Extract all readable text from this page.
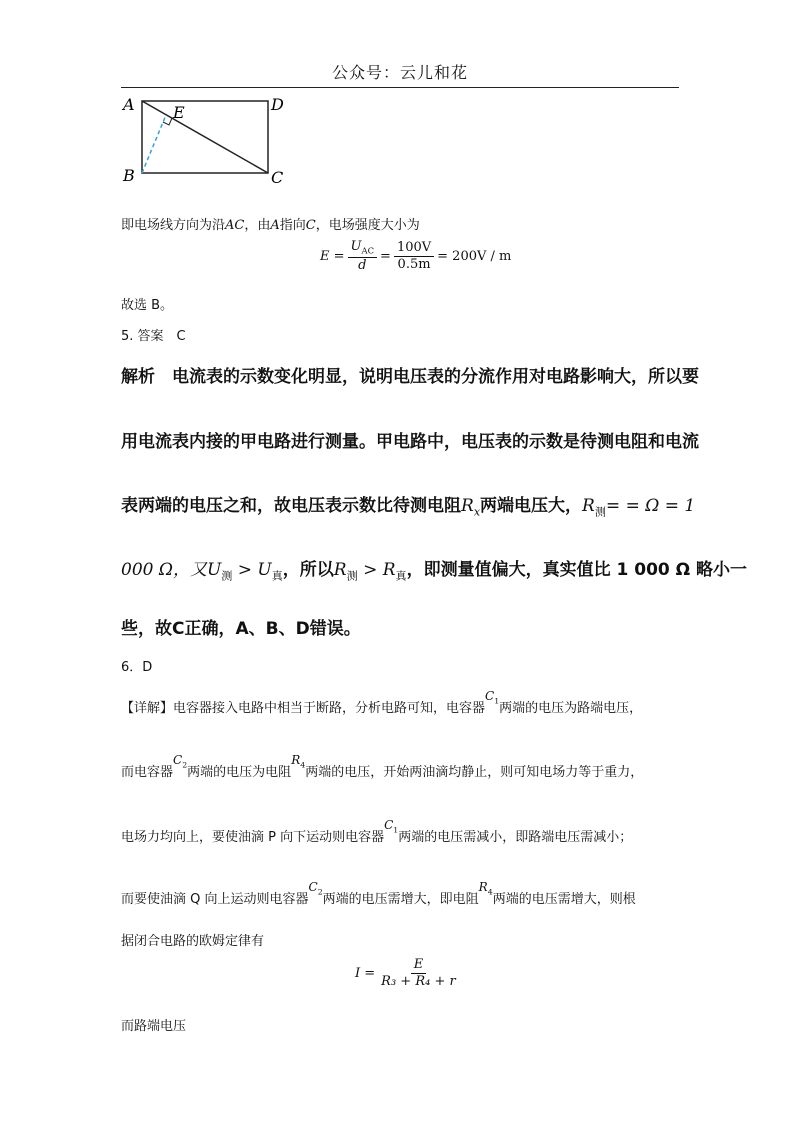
公众号：云儿和花
A E	D
B	C
即电场线方向为沿AC，由A指向C，电场强度大小为
$E = \frac{U_{AC}}{d} = \frac{100V}{0.5m} = 200V / m$
故选 B。
5. 答案　C
解析　电流表的示数变化明显，说明电压表的分流作用对电路影响大，所以要
用电流表内接的甲电路进行测量。甲电路中，电压表的示数是待测电阻和电流
表两端的电压之和，故电压表示数比待测电阻$R_x$两端电压大，$R_测= = \Omega = 1$
000 Ω，又$U_测 > U_真$，所以$R_测 > R_真$，即测量值偏大，真实值比 1 000 Ω 略小一
些，故C正确，A、B、D错误。
6．D
【详解】电容器接入电路中相当于断路，分析电路可知，电容器$C_1$两端的电压为路端电压，
而电容器$C_2$两端的电压为电阻$R_4$两端的电压，开始两油滴均静止，则可知电场力等于重力，
电场力均向上，要使油滴 P 向下运动则电容器$C_1$两端的电压需减小，即路端电压需减小；
而要使油滴 Q 向上运动则电容器$C_2$两端的电压需增大，即电阻$R_4$两端的电压需增大，则根
据闭合电路的欧姆定律有
$I = \frac{E}{\text{R₃ + R₄ + r}}$
而路端电压
